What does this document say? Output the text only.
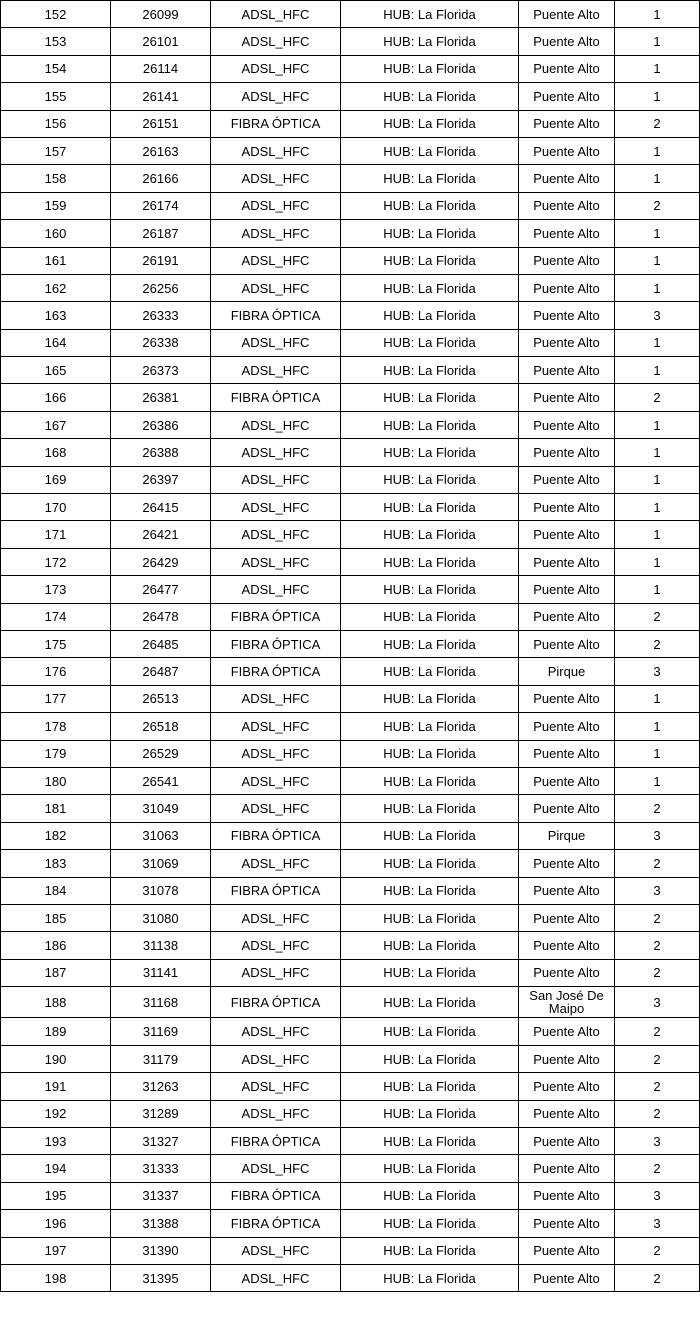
152	26099	ADSL_HFC	HUB: La Florida	Puente Alto	1
153	26101	ADSL_HFC	HUB: La Florida	Puente Alto	1
154	26114	ADSL_HFC	HUB: La Florida	Puente Alto	1
155	26141	ADSL_HFC	HUB: La Florida	Puente Alto	1
156	26151	FIBRA ÓPTICA	HUB: La Florida	Puente Alto	2
157	26163	ADSL_HFC	HUB: La Florida	Puente Alto	1
158	26166	ADSL_HFC	HUB: La Florida	Puente Alto	1
159	26174	ADSL_HFC	HUB: La Florida	Puente Alto	2
160	26187	ADSL_HFC	HUB: La Florida	Puente Alto	1
161	26191	ADSL_HFC	HUB: La Florida	Puente Alto	1
162	26256	ADSL_HFC	HUB: La Florida	Puente Alto	1
163	26333	FIBRA ÓPTICA	HUB: La Florida	Puente Alto	3
164	26338	ADSL_HFC	HUB: La Florida	Puente Alto	1
165	26373	ADSL_HFC	HUB: La Florida	Puente Alto	1
166	26381	FIBRA ÓPTICA	HUB: La Florida	Puente Alto	2
167	26386	ADSL_HFC	HUB: La Florida	Puente Alto	1
168	26388	ADSL_HFC	HUB: La Florida	Puente Alto	1
169	26397	ADSL_HFC	HUB: La Florida	Puente Alto	1
170	26415	ADSL_HFC	HUB: La Florida	Puente Alto	1
171	26421	ADSL_HFC	HUB: La Florida	Puente Alto	1
172	26429	ADSL_HFC	HUB: La Florida	Puente Alto	1
173	26477	ADSL_HFC	HUB: La Florida	Puente Alto	1
174	26478	FIBRA ÓPTICA	HUB: La Florida	Puente Alto	2
175	26485	FIBRA ÓPTICA	HUB: La Florida	Puente Alto	2
176	26487	FIBRA ÓPTICA	HUB: La Florida	Pirque	3
177	26513	ADSL_HFC	HUB: La Florida	Puente Alto	1
178	26518	ADSL_HFC	HUB: La Florida	Puente Alto	1
179	26529	ADSL_HFC	HUB: La Florida	Puente Alto	1
180	26541	ADSL_HFC	HUB: La Florida	Puente Alto	1
181	31049	ADSL_HFC	HUB: La Florida	Puente Alto	2
182	31063	FIBRA ÓPTICA	HUB: La Florida	Pirque	3
183	31069	ADSL_HFC	HUB: La Florida	Puente Alto	2
184	31078	FIBRA ÓPTICA	HUB: La Florida	Puente Alto	3
185	31080	ADSL_HFC	HUB: La Florida	Puente Alto	2
186	31138	ADSL_HFC	HUB: La Florida	Puente Alto	2
187	31141	ADSL_HFC	HUB: La Florida	Puente Alto	2
188	31168	FIBRA ÓPTICA	HUB: La Florida	San José De Maipo	3
189	31169	ADSL_HFC	HUB: La Florida	Puente Alto	2
190	31179	ADSL_HFC	HUB: La Florida	Puente Alto	2
191	31263	ADSL_HFC	HUB: La Florida	Puente Alto	2
192	31289	ADSL_HFC	HUB: La Florida	Puente Alto	2
193	31327	FIBRA ÓPTICA	HUB: La Florida	Puente Alto	3
194	31333	ADSL_HFC	HUB: La Florida	Puente Alto	2
195	31337	FIBRA ÓPTICA	HUB: La Florida	Puente Alto	3
196	31388	FIBRA ÓPTICA	HUB: La Florida	Puente Alto	3
197	31390	ADSL_HFC	HUB: La Florida	Puente Alto	2
198	31395	ADSL_HFC	HUB: La Florida	Puente Alto	2
